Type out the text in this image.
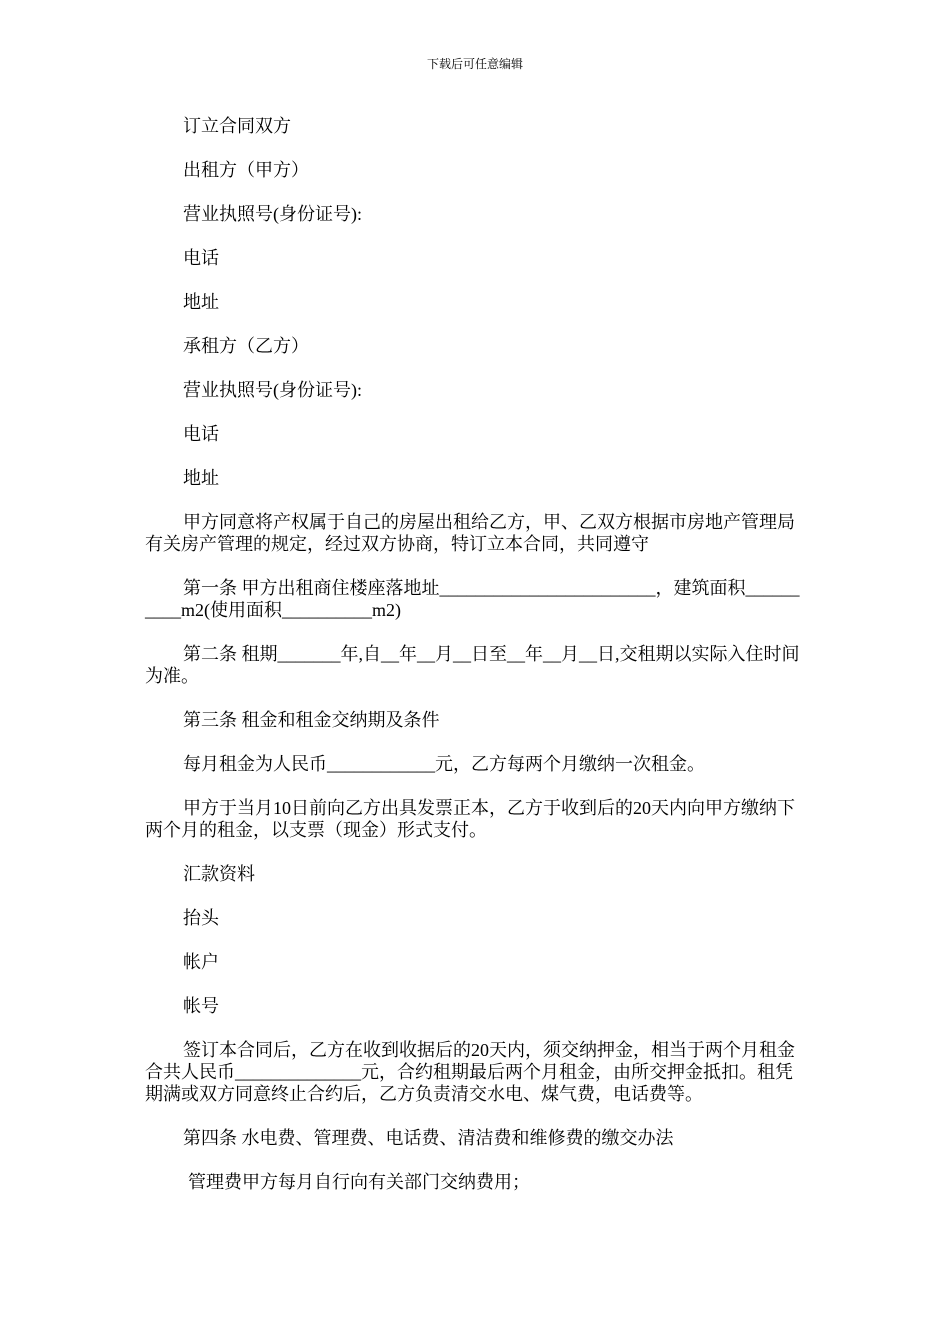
下载后可任意编辑

订立合同双方

出租方（甲方）

营业执照号(身份证号):

电话

地址

承租方（乙方）

营业执照号(身份证号):

电话

地址

甲方同意将产权属于自己的房屋出租给乙方，甲、乙双方根据市房地产管理局有关房产管理的规定，经过双方协商，特订立本合同，共同遵守

第一条 甲方出租商住楼座落地址________________________，建筑面积__________m2(使用面积__________m2)

第二条 租期_______年,自__年__月__日至__年__月__日,交租期以实际入住时间为准。

第三条 租金和租金交纳期及条件

每月租金为人民币____________元，乙方每两个月缴纳一次租金。

甲方于当月10日前向乙方出具发票正本，乙方于收到后的20天内向甲方缴纳下两个月的租金，以支票（现金）形式支付。

汇款资料

抬头

帐户

帐号

签订本合同后，乙方在收到收据后的20天内，须交纳押金，相当于两个月租金合共人民币______________元，合约租期最后两个月租金，由所交押金抵扣。租凭期满或双方同意终止合约后，乙方负责清交水电、煤气费，电话费等。

第四条 水电费、管理费、电话费、清洁费和维修费的缴交办法

管理费甲方每月自行向有关部门交纳费用；
